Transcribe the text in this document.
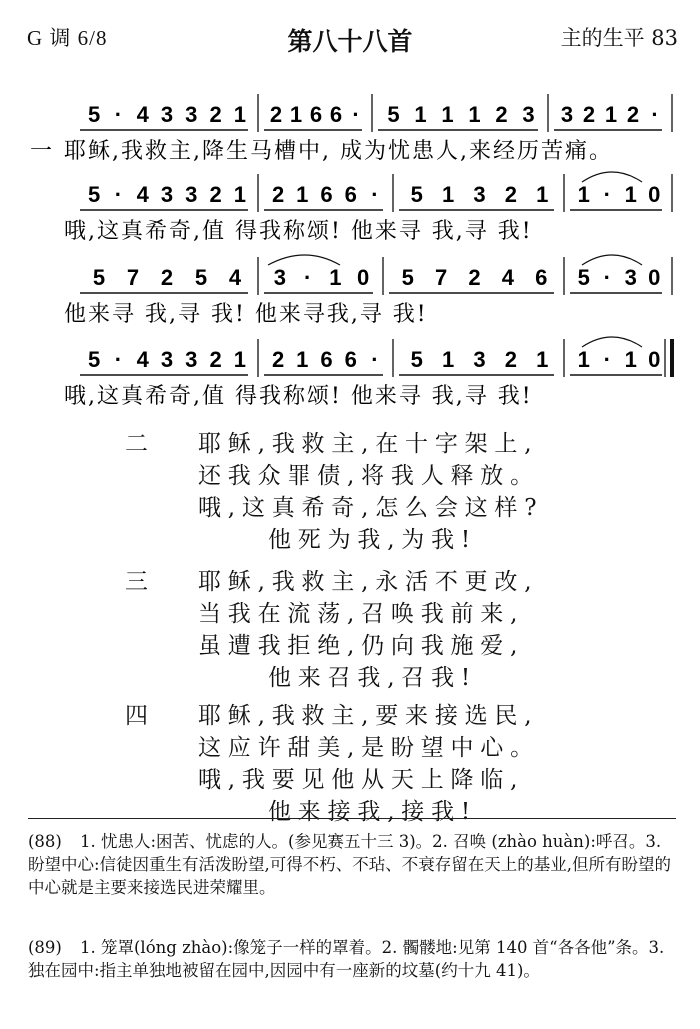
G 调 6/8	第八十八首	主的生平 83
5 · 4 3 3 2 1 2 1 6 6 · 5 1 1 1 2 3 3 2 1 2 ·
耶稣,我救主,降生马槽中, 成为忧患人,来经历苦痛。
5 · 4 3 3 2 1 2 1 6 6 · 5 1 3 2 1 1 · 1 0
哦,这真希奇,值 得我称颂! 他来寻 我,寻 我!
5 7 2 5 4 3 · 1 0 5 7 2 4 6 5 · 3 0
他来寻 我,寻 我! 他来寻我,寻 我!
5 · 4 3 3 2 1 2 1 6 6 · 5 1 3 2 1 1 · 1 0
哦,这真希奇,值 得我称颂! 他来寻 我,寻 我!
一
二 耶稣,我救主,在十字架上,
还我众罪债,将我人释放。
哦,这真希奇,怎么会这样?
他死为我,为我!
三 耶稣,我救主,永活不更改,
当我在流荡,召唤我前来,
虽遭我拒绝,仍向我施爱,
他来召我,召我!
四 耶稣,我救主,要来接选民,
这应许甜美,是盼望中心。
哦,我要见他从天上降临,
他来接我,接我!
(88)	1. 忧患人:困苦、忧虑的人。(参见赛五十三 3)。2. 召唤 (zhào huàn):呼召。3. 盼望中心:信徒因重生有活泼盼望,可得不朽、不玷、不衰存留在天上的基业,但所有盼望的中心就是主要来接选民进荣耀里。
(89)	1. 笼罩(lóng zhào):像笼子一样的罩着。2. 髑髅地:见第 140 首“各各他”条。3. 独在园中:指主单独地被留在园中,因园中有一座新的坟墓(约十九 41)。
